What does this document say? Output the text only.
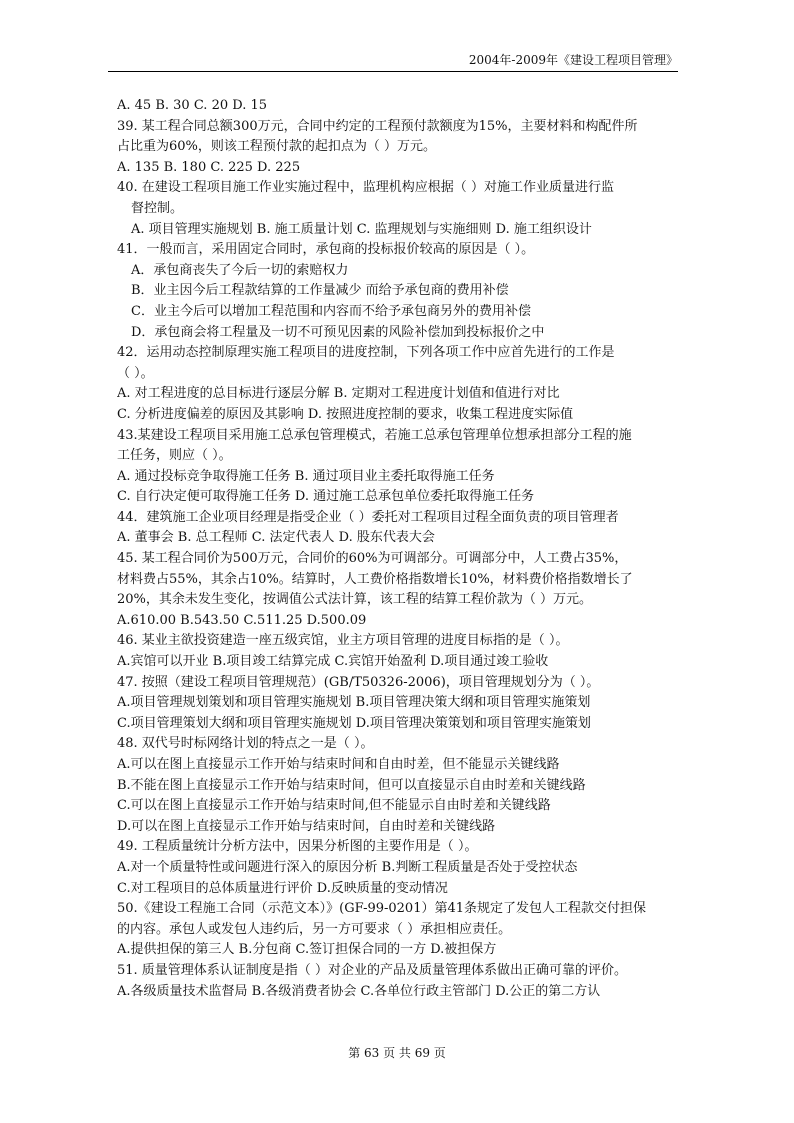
2004年-2009年《建设工程项目管理》
A. 45 B. 30 C. 20 D. 15
39. 某工程合同总额300万元，合同中约定的工程预付款额度为15%，主要材料和构配件所
占比重为60%，则该工程预付款的起扣点为（ ）万元。
A. 135 B. 180 C. 225 D. 225
40. 在建设工程项目施工作业实施过程中，监理机构应根据（ ）对施工作业质量进行监
督控制。
A. 项目管理实施规划 B. 施工质量计划 C. 监理规划与实施细则 D. 施工组织设计
41．一般而言，采用固定合同时，承包商的投标报价较高的原因是（ ）。
A．承包商丧失了今后一切的索赔权力
B．业主因今后工程款结算的工作量减少 而给予承包商的费用补偿
C．业主今后可以增加工程范围和内容而不给予承包商另外的费用补偿
D．承包商会将工程量及一切不可预见因素的风险补偿加到投标报价之中
42．运用动态控制原理实施工程项目的进度控制，下列各项工作中应首先进行的工作是
（ ）。
A. 对工程进度的总目标进行逐层分解 B. 定期对工程进度计划值和值进行对比
C. 分析进度偏差的原因及其影响 D. 按照进度控制的要求，收集工程进度实际值
43.某建设工程项目采用施工总承包管理模式，若施工总承包管理单位想承担部分工程的施
工任务，则应（ ）。
A. 通过投标竞争取得施工任务 B. 通过项目业主委托取得施工任务
C. 自行决定便可取得施工任务 D. 通过施工总承包单位委托取得施工任务
44．建筑施工企业项目经理是指受企业（ ）委托对工程项目过程全面负责的项目管理者
A. 董事会 B. 总工程师 C. 法定代表人 D. 股东代表大会
45. 某工程合同价为500万元，合同价的60%为可调部分。可调部分中，人工费占35%，
材料费占55%，其余占10%。结算时，人工费价格指数增长10%，材料费价格指数增长了
20%，其余未发生变化，按调值公式法计算，该工程的结算工程价款为（ ）万元。
A.610.00 B.543.50 C.511.25 D.500.09
46. 某业主欲投资建造一座五级宾馆，业主方项目管理的进度目标指的是（ ）。
A.宾馆可以开业 B.项目竣工结算完成 C.宾馆开始盈利 D.项目通过竣工验收
47. 按照（建设工程项目管理规范）(GB/T50326-2006)，项目管理规划分为（ ）。
A.项目管理规划策划和项目管理实施规划 B.项目管理决策大纲和项目管理实施策划
C.项目管理策划大纲和项目管理实施规划 D.项目管理决策策划和项目管理实施策划
48. 双代号时标网络计划的特点之一是（ ）。
A.可以在图上直接显示工作开始与结束时间和自由时差，但不能显示关键线路
B.不能在图上直接显示工作开始与结束时间，但可以直接显示自由时差和关键线路
C.可以在图上直接显示工作开始与结束时间,但不能显示自由时差和关键线路
D.可以在图上直接显示工作开始与结束时间，自由时差和关键线路
49. 工程质量统计分析方法中，因果分析图的主要作用是（ ）。
A.对一个质量特性或问题进行深入的原因分析 B.判断工程质量是否处于受控状态
C.对工程项目的总体质量进行评价 D.反映质量的变动情况
50.《建设工程施工合同（示范文本）》(GF-99-0201）第41条规定了发包人工程款交付担保
的内容。承包人或发包人违约后，另一方可要求（ ）承担相应责任。
A.提供担保的第三人 B.分包商 C.签订担保合同的一方 D.被担保方
51. 质量管理体系认证制度是指（ ）对企业的产品及质量管理体系做出正确可靠的评价。
A.各级质量技术监督局 B.各级消费者协会 C.各单位行政主管部门 D.公正的第二方认
第 63 页 共 69 页
